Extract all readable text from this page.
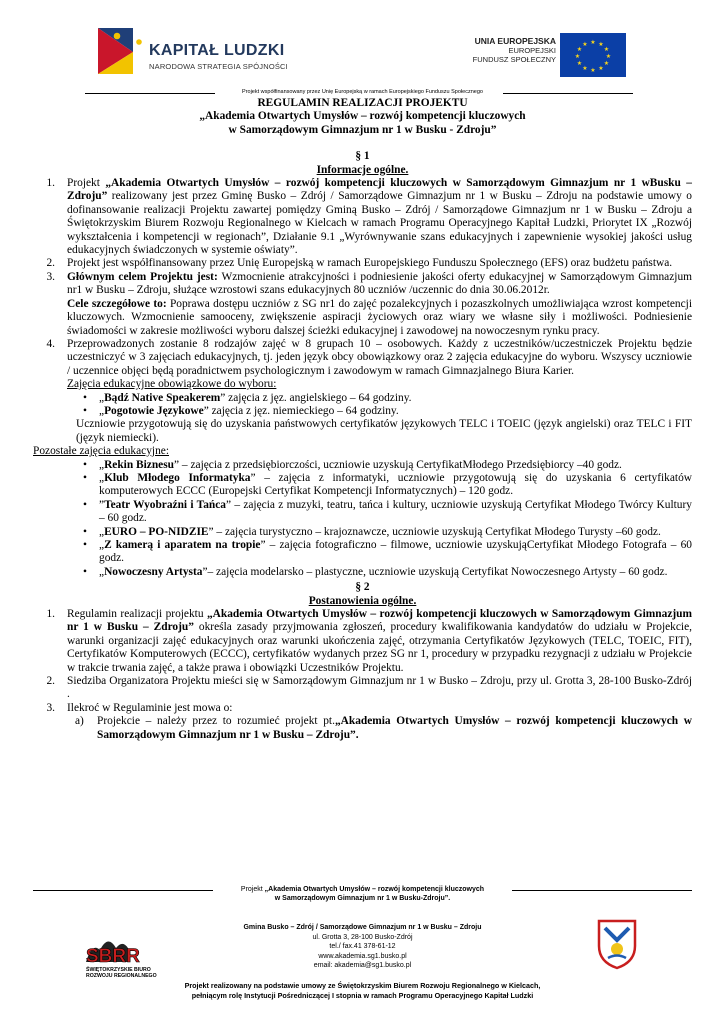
KAPITAŁ LUDZKI
NARODOWA STRATEGIA SPÓJNOŚCI
UNIA EUROPEJSKA
EUROPEJSKI
FUNDUSZ SPOŁECZNY
★ ★
★
★
★
★
★
★
★
★
★
★
Projekt współfinansowany przez Unię Europejską w ramach Europejskiego Funduszu Społecznego

REGULAMIN REALIZACJI PROJEKTU

„Akademia Otwartych Umysłów – rozwój kompetencji kluczowych

w Samorządowym Gimnazjum nr 1 w Busku - Zdroju”

§ 1

Informacje ogólne.

1. Projekt „Akademia Otwartych Umysłów – rozwój kompetencji kluczowych w Samorządowym Gimnazjum nr 1 wBusku – Zdroju” realizowany jest przez Gminę Busko – Zdrój / Samorządowe Gimnazjum nr 1 w Busku – Zdroju na podstawie umowy o dofinansowanie realizacji Projektu zawartej pomiędzy Gminą Busko – Zdrój / Samorządowe Gimnazjum nr 1 w Busku – Zdroju a Świętokrzyskim Biurem Rozwoju Regionalnego w Kielcach w ramach Programu Operacyjnego Kapitał Ludzki, Priorytet IX „Rozwój wykształcenia i kompetencji w regionach”, Działanie 9.1 „Wyrównywanie szans edukacyjnych i zapewnienie wysokiej jakości usług edukacyjnych świadczonych w systemie oświaty”.
2. Projekt jest współfinansowany przez Unię Europejską w ramach Europejskiego Funduszu Społecznego (EFS) oraz budżetu państwa.
3. Głównym celem Projektu jest: Wzmocnienie atrakcyjności i podniesienie jakości oferty edukacyjnej w Samorządowym Gimnazjum nr1 w Busku – Zdroju, służące wzrostowi szans edukacyjnych 80 uczniów /uczennic do dnia 30.06.2012r.
Cele szczegółowe to: Poprawa dostępu uczniów z SG nr1 do zajęć pozalekcyjnych i pozaszkolnych umożliwiająca wzrost kompetencji kluczowych. Wzmocnienie samooceny, zwiększenie aspiracji życiowych oraz wiary we własne siły i możliwości. Podniesienie świadomości w zakresie możliwości wyboru dalszej ścieżki edukacyjnej i zawodowej na nowoczesnym rynku pracy.
4. Przeprowadzonych zostanie 8 rodzajów zajęć w 8 grupach 10 – osobowych. Każdy z uczestników/uczestniczek Projektu będzie uczestniczyć w 3 zajęciach edukacyjnych, tj. jeden język obcy obowiązkowy oraz 2 zajęcia edukacyjne do wyboru. Wszyscy uczniowie / uczennice objęci będą poradnictwem psychologicznym i zawodowym w ramach Gimnazjalnego Biura Karier.

Zajęcia edukacyjne obowiązkowe do wyboru:

• „Bądź Native Speakerem” zajęcia z jęz. angielskiego – 64 godziny.
• „Pogotowie Językowe” zajęcia z jęz. niemieckiego – 64 godziny.

Uczniowie przygotowują się do uzyskania państwowych certyfikatów językowych TELC i TOEIC (język angielski) oraz TELC i FIT (język niemiecki).

Pozostałe zajęcia edukacyjne:

• „Rekin Biznesu” – zajęcia z przedsiębiorczości, uczniowie uzyskują CertyfikatMłodego Przedsiębiorcy –40 godz.
• „Klub Młodego Informatyka” – zajęcia z informatyki, uczniowie przygotowują się do uzyskania 6 certyfikatów komputerowych ECCC (Europejski Certyfikat Kompetencji Informatycznych) – 120 godz.
• ”Teatr Wyobraźni i Tańca” – zajęcia z muzyki, teatru, tańca i kultury, uczniowie uzyskują Certyfikat Młodego Twórcy Kultury – 60 godz.
• „EURO – PO-NIDZIE” – zajęcia turystyczno – krajoznawcze, uczniowie uzyskują Certyfikat Młodego Turysty –60 godz.
• „Z kamerą i aparatem na tropie” – zajęcia fotograficzno – filmowe, uczniowie uzyskująCertyfikat Młodego Fotografa – 60 godz.
• „Nowoczesny Artysta”– zajęcia modelarsko – plastyczne, uczniowie uzyskują Certyfikat Nowoczesnego Artysty – 60 godz.

§ 2

Postanowienia ogólne.

1. Regulamin realizacji projektu „Akademia Otwartych Umysłów – rozwój kompetencji kluczowych w Samorządowym Gimnazjum nr 1 w Busku – Zdroju” określa zasady przyjmowania zgłoszeń, procedury kwalifikowania kandydatów do udziału w Projekcie, warunki organizacji zajęć edukacyjnych oraz warunki ukończenia zajęć, otrzymania Certyfikatów Językowych (TELC, TOEIC, FIT), Certyfikatów Komputerowych (ECCC), certyfikatów wydanych przez SG nr 1, procedury w przypadku rezygnacji z udziału w Projekcie w trakcie trwania zajęć, a także prawa i obowiązki Uczestników Projektu.
2. Siedziba Organizatora Projektu mieści się w Samorządowym Gimnazjum nr 1 w Busko – Zdroju, przy ul. Grotta 3, 28-100 Busko-Zdrój .
3. Ilekroć w Regulaminie jest mowa o:

a) Projekcie – należy przez to rozumieć projekt pt.„Akademia Otwartych Umysłów – rozwój kompetencji kluczowych w Samorządowym Gimnazjum nr 1 w Busku – Zdroju”.

Projekt „Akademia Otwartych Umysłów – rozwój kompetencji kluczowych
w Samorządowym Gimnazjum nr 1 w Busku-Zdroju”.
SBRR
ŚWIĘTOKRZYSKIE BIURO
ROZWOJU REGIONALNEGO
Gmina Busko – Zdrój / Samorządowe Gimnazjum nr 1 w Busku – Zdroju
ul. Grotta 3, 28-100 Busko-Zdrój
tel./ fax.41 378-61-12
www.akademia.sg1.busko.pl
email: akademia@sg1.busko.pl
Projekt realizowany na podstawie umowy ze Świętokrzyskim Biurem Rozwoju Regionalnego w Kielcach,
pełniącym rolę Instytucji Pośredniczącej I stopnia w ramach Programu Operacyjnego Kapitał Ludzki
